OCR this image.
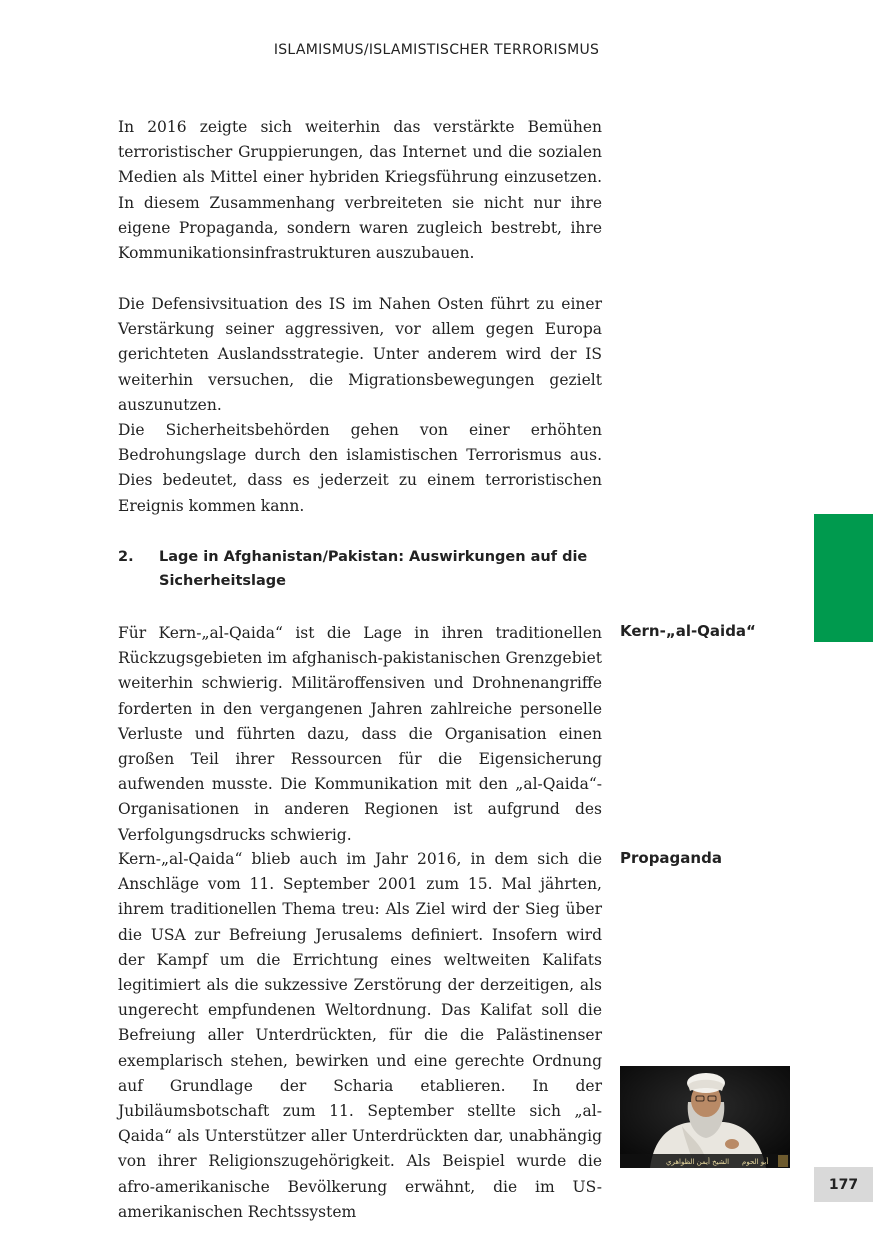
ISLAMISMUS/ISLAMISTISCHER TERRORISMUS

In 2016 zeigte sich weiterhin das verstärkte Bemühen terroristischer Gruppierungen, das Internet und die sozialen Medien als Mittel einer hybriden Kriegsführung einzusetzen. In diesem Zusammenhang verbreiteten sie nicht nur ihre eigene Propaganda, sondern waren zugleich bestrebt, ihre Kommunikationsinfrastrukturen auszubauen.

Die Defensivsituation des IS im Nahen Osten führt zu einer Verstärkung seiner aggressiven, vor allem gegen Europa gerichteten Auslandsstrategie. Unter anderem wird der IS weiterhin versuchen, die Migrationsbewegungen gezielt auszunutzen.

Die Sicherheitsbehörden gehen von einer erhöhten Bedrohungslage durch den islamistischen Terrorismus aus. Dies bedeutet, dass es jederzeit zu einem terroristischen Ereignis kommen kann.

2. Lage in Afghanistan/Pakistan: Auswirkungen auf die Sicherheitslage

Für Kern-„al-Qaida“ ist die Lage in ihren traditionellen Rückzugsgebieten im afghanisch-pakistanischen Grenzgebiet weiterhin schwierig. Militäroffensiven und Drohnenangriffe forderten in den vergangenen Jahren zahlreiche personelle Verluste und führten dazu, dass die Organisation einen großen Teil ihrer Ressourcen für die Eigensicherung aufwenden musste. Die Kommunikation mit den „al-Qaida“-Organisationen in anderen Regionen ist aufgrund des Verfolgungsdrucks schwierig.

Kern-„al-Qaida“

Kern-„al-Qaida“ blieb auch im Jahr 2016, in dem sich die Anschläge vom 11. September 2001 zum 15. Mal jährten, ihrem traditionellen Thema treu: Als Ziel wird der Sieg über die USA zur Befreiung Jerusalems definiert. Insofern wird der Kampf um die Errichtung eines weltweiten Kalifats legitimiert als die sukzessive Zerstörung der derzeitigen, als ungerecht empfundenen Weltordnung. Das Kalifat soll die Befreiung aller Unterdrückten, für die die Palästinenser exemplarisch stehen, bewirken und eine gerechte Ordnung auf Grundlage der Scharia etablieren. In der Jubiläumsbotschaft zum 11. September stellte sich „al-Qaida“ als Unterstützer aller Unterdrückten dar, unabhängig von ihrer Religionszugehörigkeit. Als Beispiel wurde die afro-amerikanische Bevölkerung erwähnt, die im US-amerikanischen Rechtssystem

Propaganda
الشيخ أيمن الظواهري أبو الحوم
177
